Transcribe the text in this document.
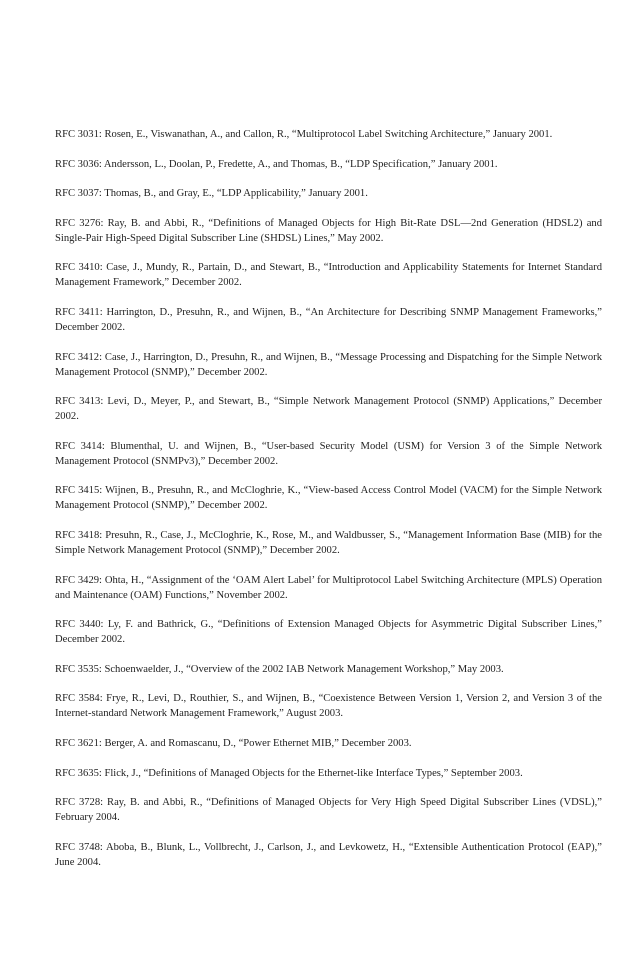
RFC 3031: Rosen, E., Viswanathan, A., and Callon, R., “Multiprotocol Label Switching Architecture,” January 2001.

RFC 3036: Andersson, L., Doolan, P., Fredette, A., and Thomas, B., “LDP Specification,” January 2001.

RFC 3037: Thomas, B., and Gray, E., “LDP Applicability,” January 2001.

RFC 3276: Ray, B. and Abbi, R., “Definitions of Managed Objects for High Bit-Rate DSL—2nd Generation (HDSL2) and Single-Pair High-Speed Digital Subscriber Line (SHDSL) Lines,” May 2002.

RFC 3410: Case, J., Mundy, R., Partain, D., and Stewart, B., “Introduction and Applicability Statements for Internet Standard Management Framework,” December 2002.

RFC 3411: Harrington, D., Presuhn, R., and Wijnen, B., “An Architecture for Describing SNMP Management Frameworks,” December 2002.

RFC 3412: Case, J., Harrington, D., Presuhn, R., and Wijnen, B., “Message Processing and Dispatching for the Simple Network Management Protocol (SNMP),” December 2002.

RFC 3413: Levi, D., Meyer, P., and Stewart, B., “Simple Network Management Protocol (SNMP) Applications,” December 2002.

RFC 3414: Blumenthal, U. and Wijnen, B., “User-based Security Model (USM) for Version 3 of the Simple Network Management Protocol (SNMPv3),” December 2002.

RFC 3415: Wijnen, B., Presuhn, R., and McCloghrie, K., “View-based Access Control Model (VACM) for the Simple Network Management Protocol (SNMP),” December 2002.

RFC 3418: Presuhn, R., Case, J., McCloghrie, K., Rose, M., and Waldbusser, S., “Management Information Base (MIB) for the Simple Network Management Protocol (SNMP),” December 2002.

RFC 3429: Ohta, H., “Assignment of the ‘OAM Alert Label’ for Multiprotocol Label Switching Architecture (MPLS) Operation and Maintenance (OAM) Functions,” November 2002.

RFC 3440: Ly, F. and Bathrick, G., “Definitions of Extension Managed Objects for Asymmetric Digital Subscriber Lines,” December 2002.

RFC 3535: Schoenwaelder, J., “Overview of the 2002 IAB Network Management Workshop,” May 2003.

RFC 3584: Frye, R., Levi, D., Routhier, S., and Wijnen, B., “Coexistence Between Version 1, Version 2, and Version 3 of the Internet-standard Network Management Framework,” August 2003.

RFC 3621: Berger, A. and Romascanu, D., “Power Ethernet MIB,” December 2003.

RFC 3635: Flick, J., “Definitions of Managed Objects for the Ethernet-like Interface Types,” September 2003.

RFC 3728: Ray, B. and Abbi, R., “Definitions of Managed Objects for Very High Speed Digital Subscriber Lines (VDSL),” February 2004.

RFC 3748: Aboba, B., Blunk, L., Vollbrecht, J., Carlson, J., and Levkowetz, H., “Extensible Authentication Protocol (EAP),” June 2004.
